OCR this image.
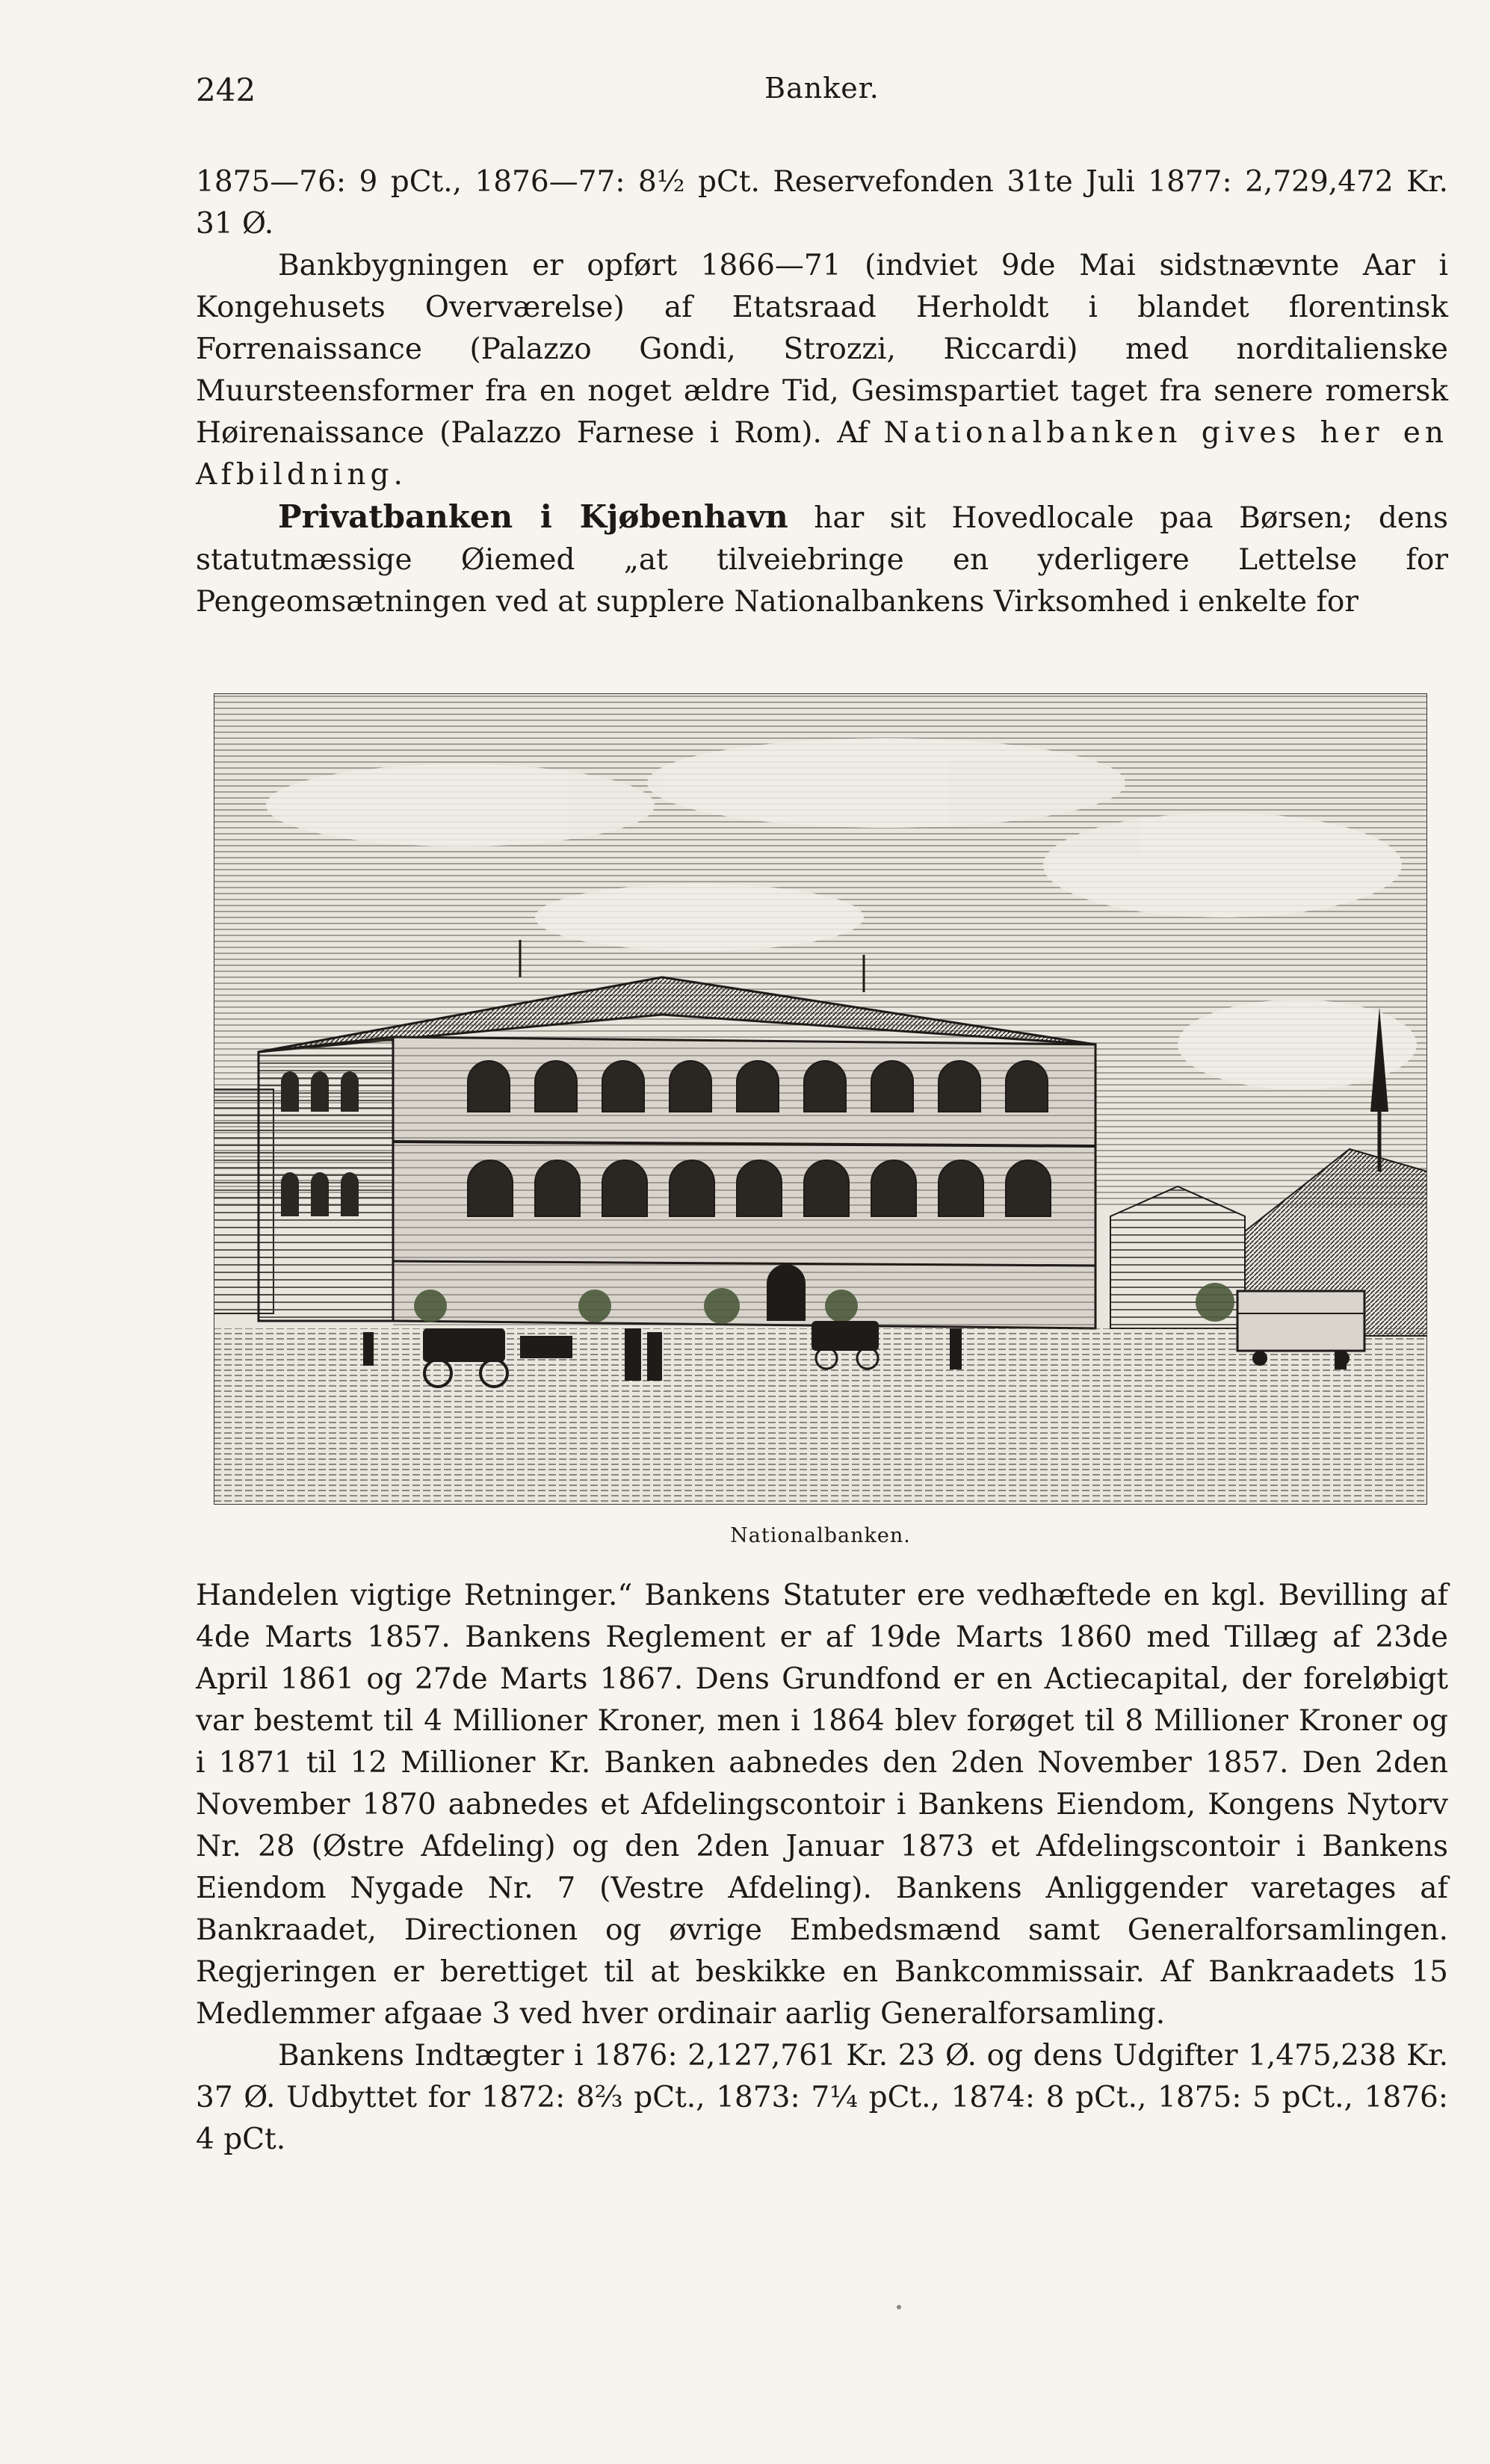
242	Banker.

1875—76: 9 pCt., 1876—77: 8½ pCt. Reservefonden 31te Juli 1877: 2,729,472 Kr. 31 Ø.

Bankbygningen er opført 1866—71 (indviet 9de Mai sidstnævnte Aar i Kongehusets Overværelse) af Etatsraad Herholdt i blandet florentinsk Forrenaissance (Palazzo Gondi, Strozzi, Riccardi) med norditalienske Muursteensformer fra en noget ældre Tid, Gesimspartiet taget fra senere romersk Høirenaissance (Palazzo Farnese i Rom). Af Nationalbanken gives her en Afbildning.

Privatbanken i Kjøbenhavn har sit Hovedlocale paa Børsen; dens statutmæssige Øiemed „at tilveiebringe en yderligere Lettelse for Pengeomsætningen ved at supplere Nationalbankens Virksomhed i enkelte for

Nationalbanken.

Handelen vigtige Retninger.“ Bankens Statuter ere vedhæftede en kgl. Bevilling af 4de Marts 1857. Bankens Reglement er af 19de Marts 1860 med Tillæg af 23de April 1861 og 27de Marts 1867. Dens Grundfond er en Actiecapital, der foreløbigt var bestemt til 4 Millioner Kroner, men i 1864 blev forøget til 8 Millioner Kroner og i 1871 til 12 Millioner Kr. Banken aabnedes den 2den November 1857. Den 2den November 1870 aabnedes et Afdelingscontoir i Bankens Eiendom, Kongens Nytorv Nr. 28 (Østre Afdeling) og den 2den Januar 1873 et Afdelingscontoir i Bankens Eiendom Nygade Nr. 7 (Vestre Afdeling). Bankens Anliggender varetages af Bankraadet, Directionen og øvrige Embedsmænd samt Generalforsamlingen. Regjeringen er berettiget til at beskikke en Bankcommissair. Af Bankraadets 15 Medlemmer afgaae 3 ved hver ordinair aarlig Generalforsamling.

Bankens Indtægter i 1876: 2,127,761 Kr. 23 Ø. og dens Udgifter 1,475,238 Kr. 37 Ø. Udbyttet for 1872: 8⅔ pCt., 1873: 7¼ pCt., 1874: 8 pCt., 1875: 5 pCt., 1876: 4 pCt.
